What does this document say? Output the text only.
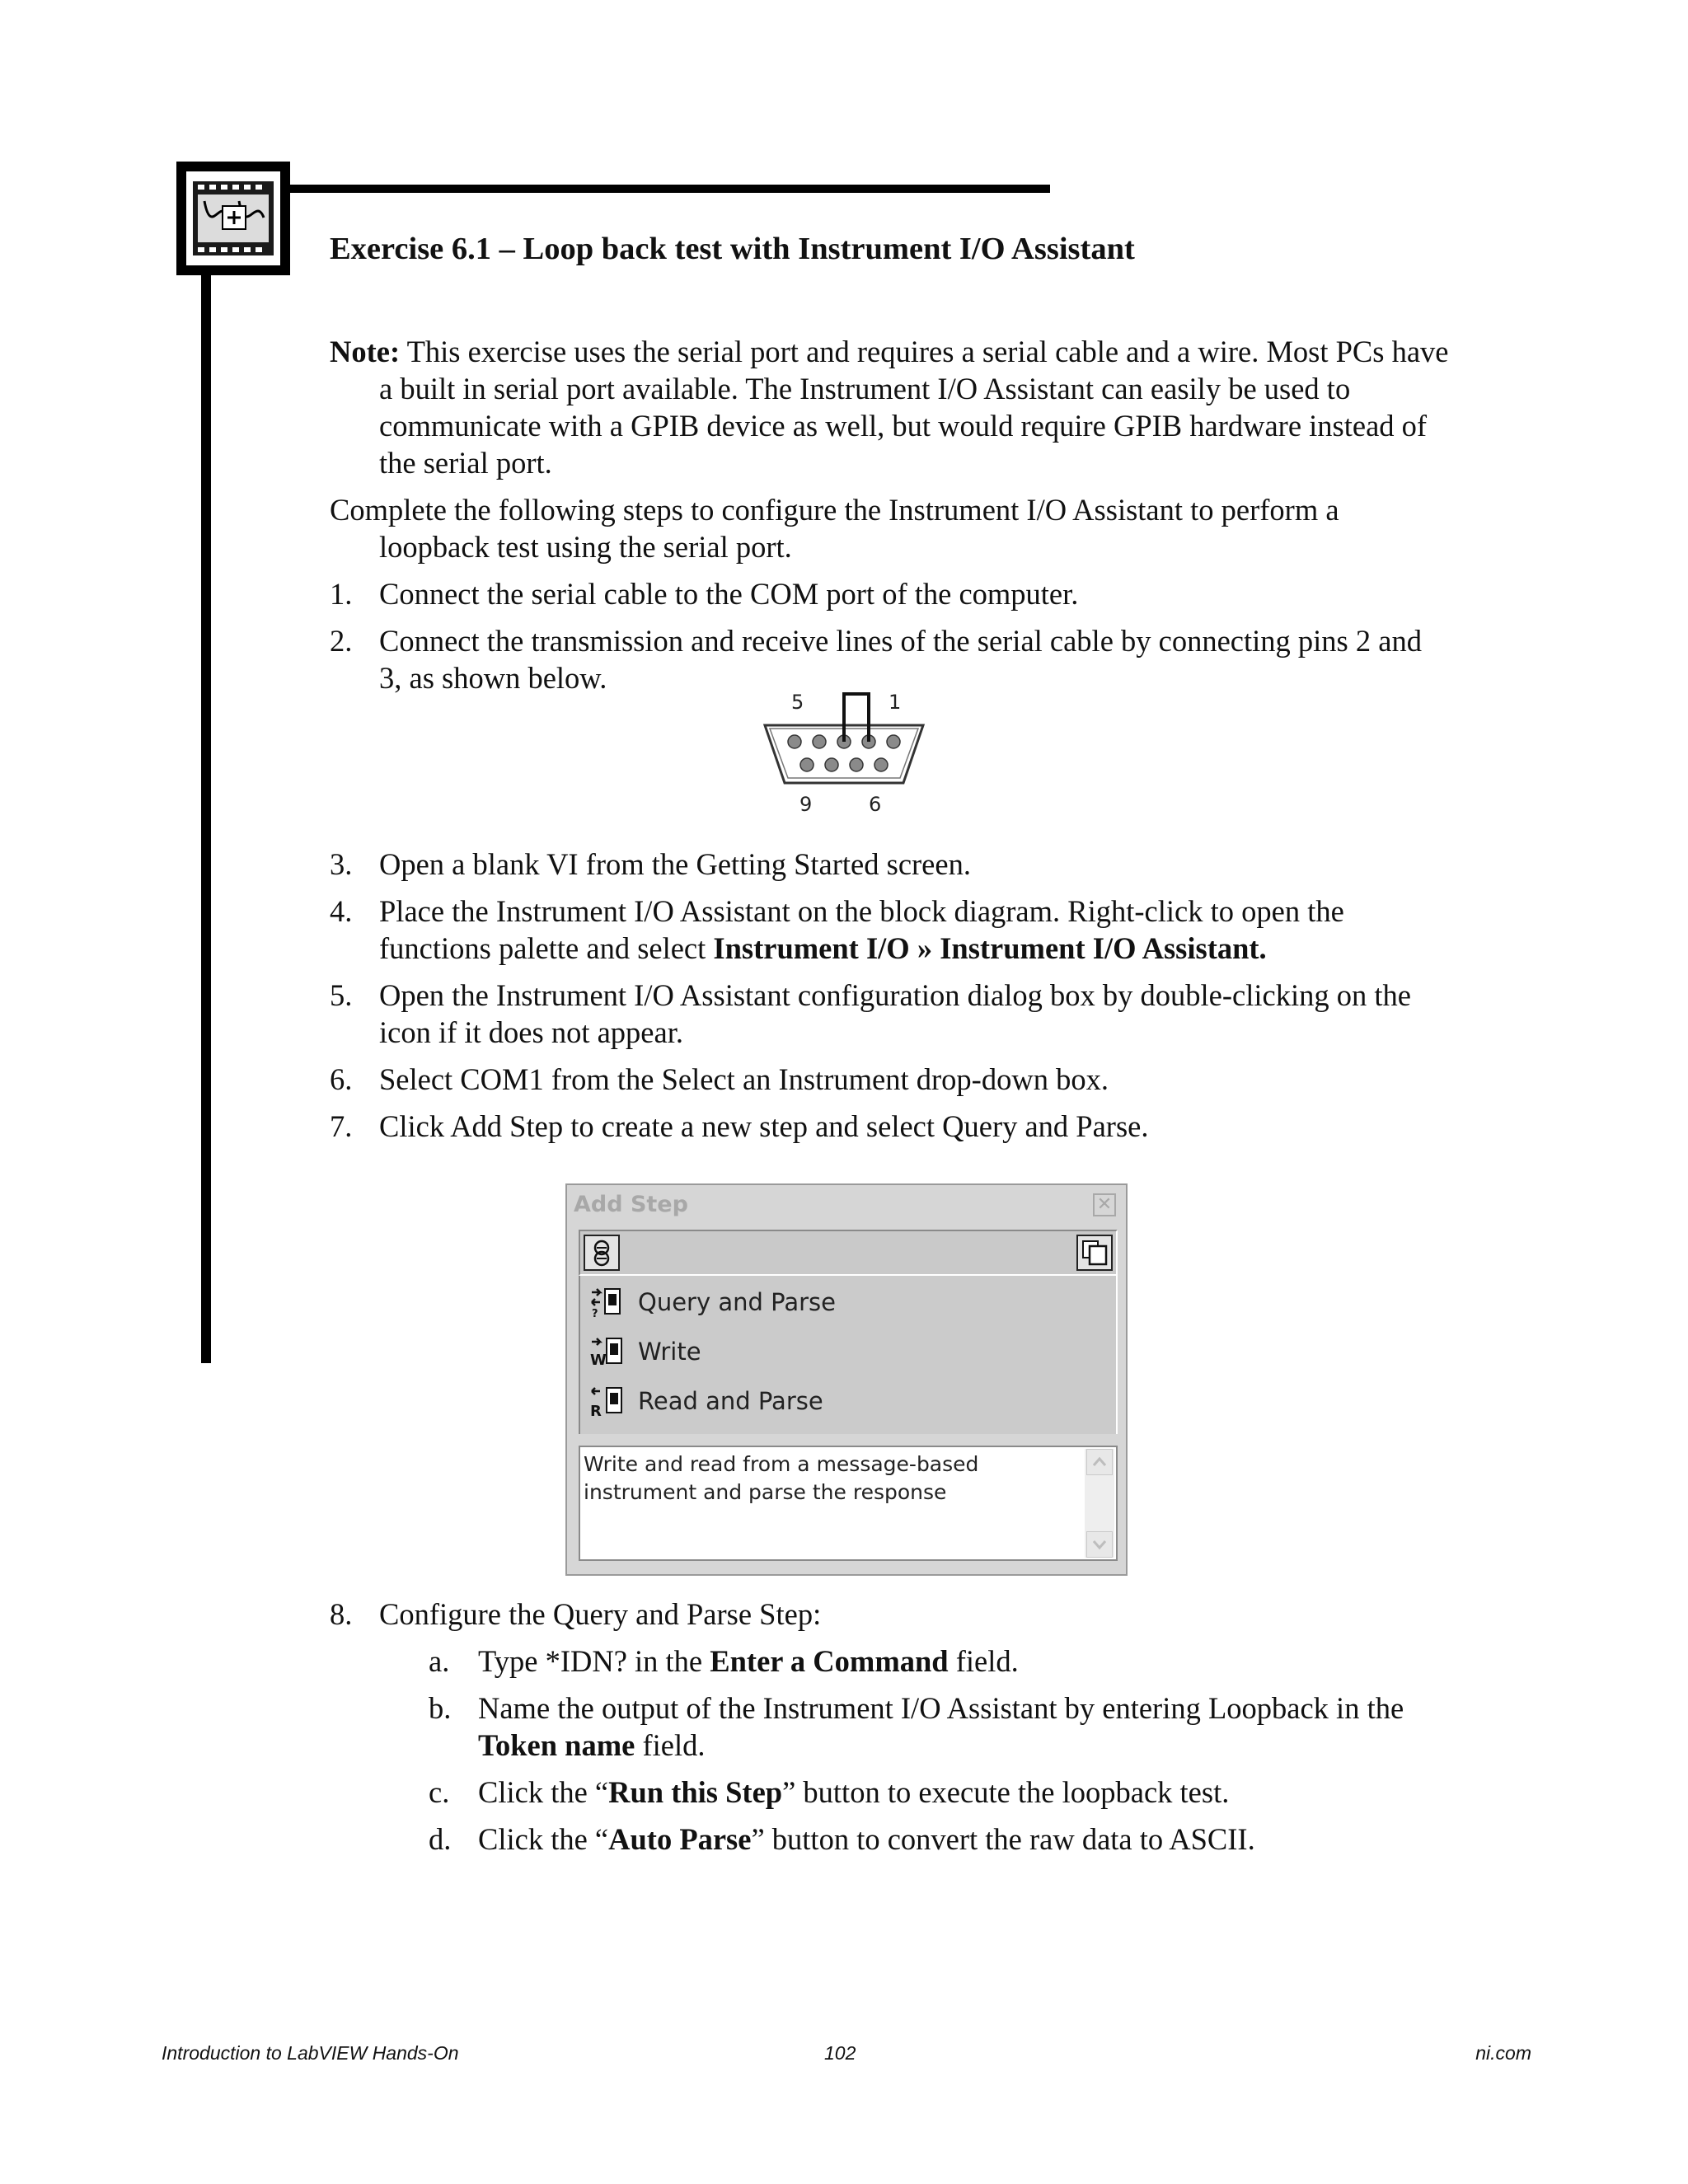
Exercise 6.1 – Loop back test with Instrument I/O Assistant

Note: This exercise uses the serial port and requires a serial cable and a wire. Most PCs have a built in serial port available. The Instrument I/O Assistant can easily be used to communicate with a GPIB device as well, but would require GPIB hardware instead of the serial port.

Complete the following steps to configure the Instrument I/O Assistant to perform a loopback test using the serial port.

1. Connect the serial cable to the COM port of the computer.
2. Connect the transmission and receive lines of the serial cable by connecting pins 2 and 3, as shown below.
5	1
9	6
3. Open a blank VI from the Getting Started screen.
4. Place the Instrument I/O Assistant on the block diagram. Right-click to open the functions palette and select Instrument I/O » Instrument I/O Assistant.
5. Open the Instrument I/O Assistant configuration dialog box by double-clicking on the icon if it does not appear.
6. Select COM1 from the Select an Instrument drop-down box.
7. Click Add Step to create a new step and select Query and Parse.
Add Step	✕
? Query and Parse
W Write
R Read and Parse
Write and read from a message-based instrument and parse the response
8. Configure the Query and Parse Step:
a. Type *IDN? in the Enter a Command field.
b. Name the output of the Instrument I/O Assistant by entering Loopback in the Token name field.
c. Click the “Run this Step” button to execute the loopback test.
d. Click the “Auto Parse” button to convert the raw data to ASCII.
Introduction to LabVIEW Hands-On	102	ni.com
